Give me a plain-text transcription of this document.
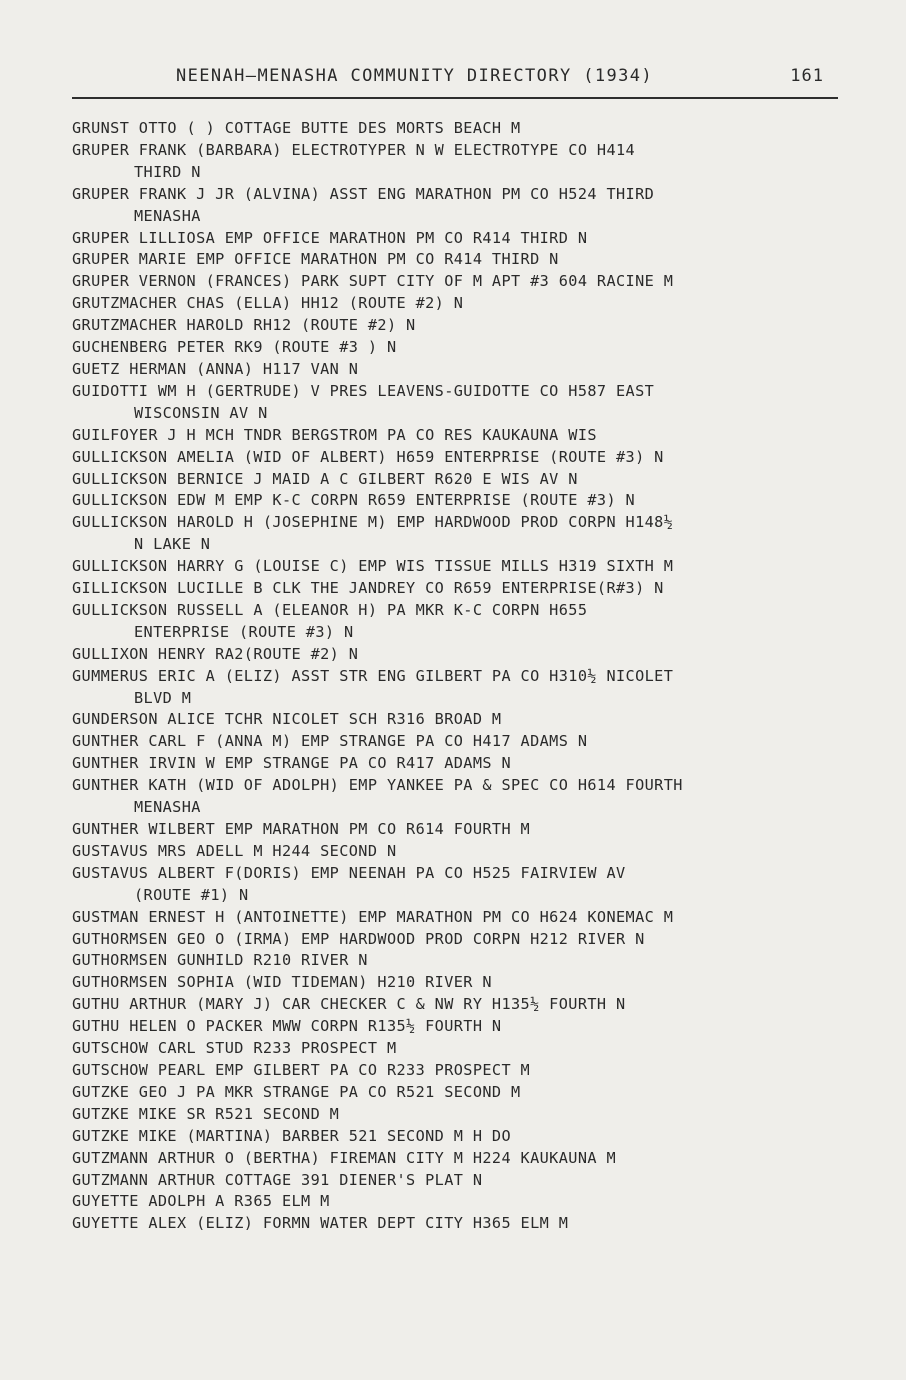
NEENAH–MENASHA COMMUNITY DIRECTORY (1934)	161
GRUNST OTTO ( ) COTTAGE BUTTE DES MORTS BEACH M
GRUPER FRANK (BARBARA) ELECTROTYPER N W ELECTROTYPE CO H414
THIRD N
GRUPER FRANK J JR (ALVINA) ASST ENG MARATHON PM CO H524 THIRD
MENASHA
GRUPER LILLIOSA EMP OFFICE MARATHON PM CO R414 THIRD N
GRUPER MARIE EMP OFFICE MARATHON PM CO R414 THIRD N
GRUPER VERNON (FRANCES) PARK SUPT CITY OF M APT #3 604 RACINE M
GRUTZMACHER CHAS (ELLA) HH12 (ROUTE #2) N
GRUTZMACHER HAROLD RH12 (ROUTE #2) N
GUCHENBERG PETER RK9 (ROUTE #3 ) N
GUETZ HERMAN (ANNA) H117 VAN N
GUIDOTTI WM H (GERTRUDE) V PRES LEAVENS-GUIDOTTE CO H587 EAST
WISCONSIN AV N
GUILFOYER J H MCH TNDR BERGSTROM PA CO RES KAUKAUNA WIS
GULLICKSON AMELIA (WID OF ALBERT) H659 ENTERPRISE (ROUTE #3) N
GULLICKSON BERNICE J MAID A C GILBERT R620 E WIS AV N
GULLICKSON EDW M EMP K-C CORPN R659 ENTERPRISE (ROUTE #3) N
GULLICKSON HAROLD H (JOSEPHINE M) EMP HARDWOOD PROD CORPN H148½
N LAKE N
GULLICKSON HARRY G (LOUISE C) EMP WIS TISSUE MILLS H319 SIXTH M
GILLICKSON LUCILLE B CLK THE JANDREY CO R659 ENTERPRISE(R#3) N
GULLICKSON RUSSELL A (ELEANOR H) PA MKR K-C CORPN H655
ENTERPRISE (ROUTE #3) N
GULLIXON HENRY RA2(ROUTE #2) N
GUMMERUS ERIC A (ELIZ) ASST STR ENG GILBERT PA CO H310½ NICOLET
BLVD M
GUNDERSON ALICE TCHR NICOLET SCH R316 BROAD M
GUNTHER CARL F (ANNA M) EMP STRANGE PA CO H417 ADAMS N
GUNTHER IRVIN W EMP STRANGE PA CO R417 ADAMS N
GUNTHER KATH (WID OF ADOLPH) EMP YANKEE PA & SPEC CO H614 FOURTH
MENASHA
GUNTHER WILBERT EMP MARATHON PM CO R614 FOURTH M
GUSTAVUS MRS ADELL M H244 SECOND N
GUSTAVUS ALBERT F(DORIS) EMP NEENAH PA CO H525 FAIRVIEW AV
(ROUTE #1) N
GUSTMAN ERNEST H (ANTOINETTE) EMP MARATHON PM CO H624 KONEMAC M
GUTHORMSEN GEO O (IRMA) EMP HARDWOOD PROD CORPN H212 RIVER N
GUTHORMSEN GUNHILD R210 RIVER N
GUTHORMSEN SOPHIA (WID TIDEMAN) H210 RIVER N
GUTHU ARTHUR (MARY J) CAR CHECKER C & NW RY H135½ FOURTH N
GUTHU HELEN O PACKER MWW CORPN R135½ FOURTH N
GUTSCHOW CARL STUD R233 PROSPECT M
GUTSCHOW PEARL EMP GILBERT PA CO R233 PROSPECT M
GUTZKE GEO J PA MKR STRANGE PA CO R521 SECOND M
GUTZKE MIKE SR R521 SECOND M
GUTZKE MIKE (MARTINA) BARBER 521 SECOND M H DO
GUTZMANN ARTHUR O (BERTHA) FIREMAN CITY M H224 KAUKAUNA M
GUTZMANN ARTHUR COTTAGE 391 DIENER'S PLAT N
GUYETTE ADOLPH A R365 ELM M
GUYETTE ALEX (ELIZ) FORMN WATER DEPT CITY H365 ELM M
